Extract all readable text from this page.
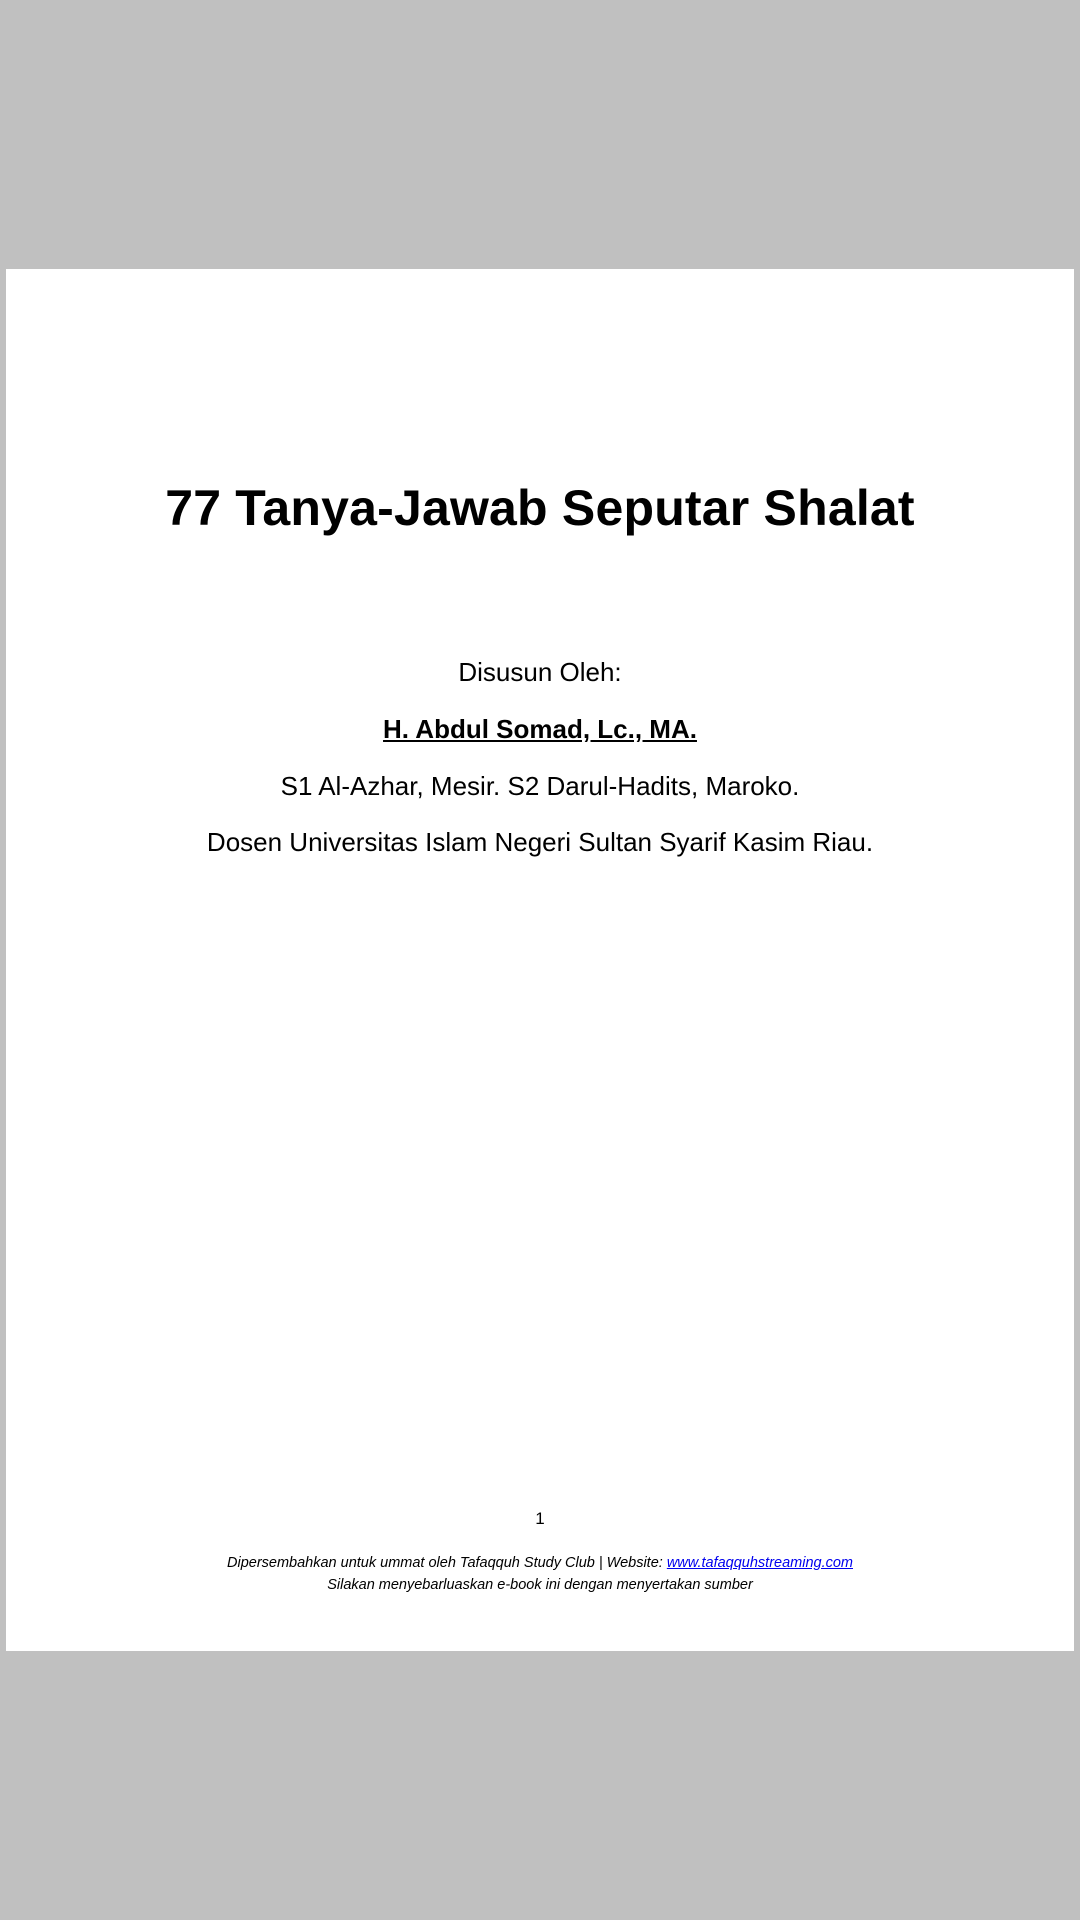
77 Tanya-Jawab Seputar Shalat
Disusun Oleh:
H. Abdul Somad, Lc., MA.
S1 Al-Azhar, Mesir. S2 Darul-Hadits, Maroko.
Dosen Universitas Islam Negeri Sultan Syarif Kasim Riau.
1
Dipersembahkan untuk ummat oleh Tafaqquh Study Club | Website: www.tafaqquhstreaming.com
Silakan menyebarluaskan e-book ini dengan menyertakan sumber
